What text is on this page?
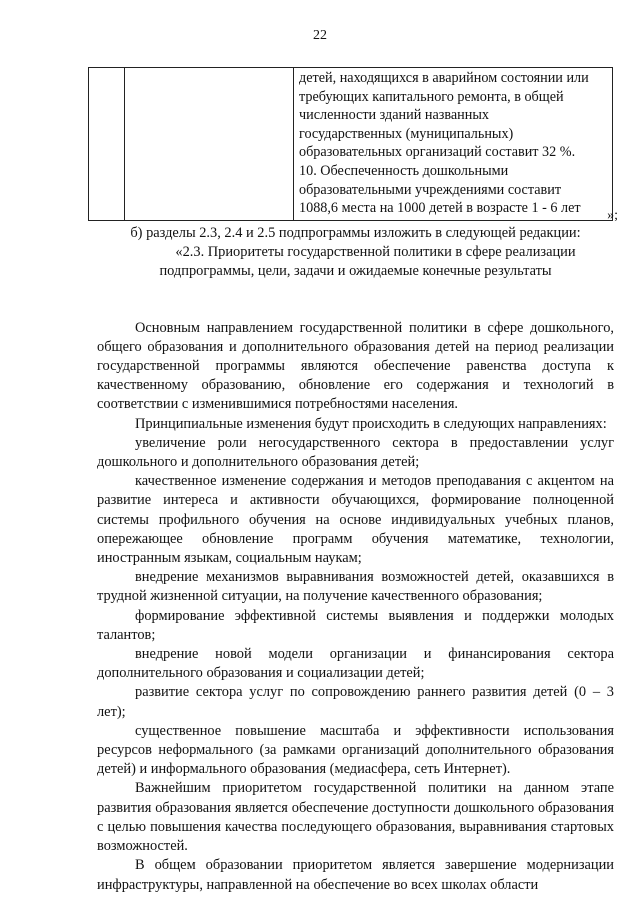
22

детей, находящихся в аварийном состоянии или
требующих капитального ремонта, в общей
численности зданий названных
государственных (муниципальных)
образовательных организаций составит 32 %.
10. Обеспеченность дошкольными
образовательными учреждениями составит
1088,6 места на 1000 детей в возрасте 1 - 6 лет	»;
б) разделы 2.3, 2.4 и 2.5 подпрограммы изложить в следующей редакции:
«2.3. Приоритеты государственной политики в сфере реализации
подпрограммы, цели, задачи и ожидаемые конечные результаты

Основным направлением государственной политики в сфере дошкольного, общего образования и дополнительного образования детей на период реализации государственной программы являются обеспечение равенства доступа к качественному образованию, обновление его содержания и технологий в соответствии с изменившимися потребностями населения.

Принципиальные изменения будут происходить в следующих направлениях:

увеличение роли негосударственного сектора в предоставлении услуг дошкольного и дополнительного образования детей;

качественное изменение содержания и методов преподавания с акцентом на развитие интереса и активности обучающихся, формирование полноценной системы профильного обучения на основе индивидуальных учебных планов, опережающее обновление программ обучения математике, технологии, иностранным языкам, социальным наукам;

внедрение механизмов выравнивания возможностей детей, оказавшихся в трудной жизненной ситуации, на получение качественного образования;

формирование эффективной системы выявления и поддержки молодых талантов;

внедрение новой модели организации и финансирования сектора дополнительного образования и социализации детей;

развитие сектора услуг по сопровождению раннего развития детей (0 – 3 лет);

существенное повышение масштаба и эффективности использования ресурсов неформального (за рамками организаций дополнительного образования детей) и информального образования (медиасфера, сеть Интернет).

Важнейшим приоритетом государственной политики на данном этапе развития образования является обеспечение доступности дошкольного образования с целью повышения качества последующего образования, выравнивания стартовых возможностей.

В общем образовании приоритетом является завершение модернизации инфраструктуры, направленной на обеспечение во всех школах области
